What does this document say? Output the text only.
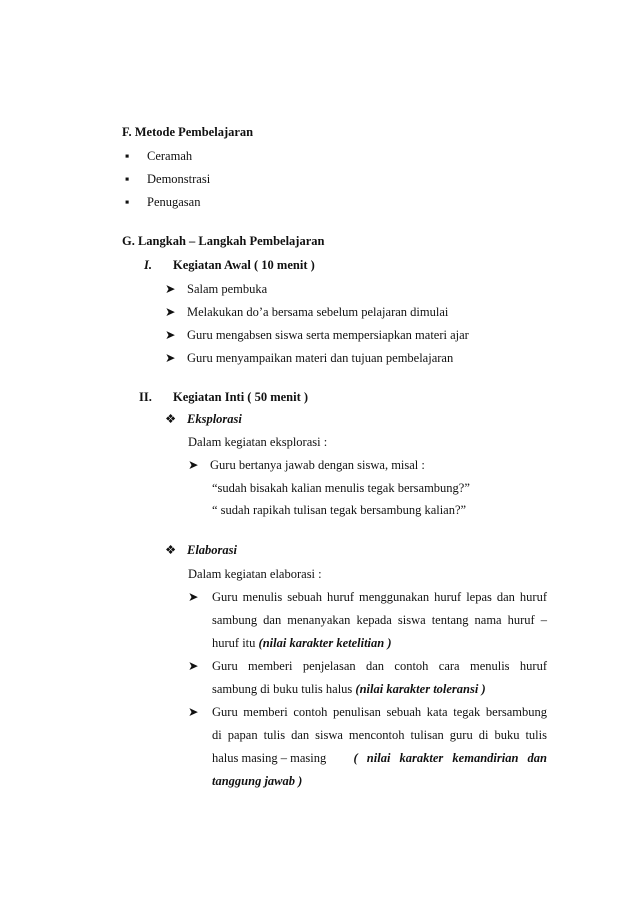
F. Metode Pembelajaran
▪ Ceramah
▪ Demonstrasi
▪ Penugasan
G. Langkah – Langkah Pembelajaran
I. Kegiatan Awal ( 10 menit )
➤ Salam pembuka
➤ Melakukan do’a bersama sebelum pelajaran dimulai
➤ Guru mengabsen siswa serta mempersiapkan materi ajar
➤ Guru menyampaikan materi dan tujuan pembelajaran
II. Kegiatan Inti ( 50 menit )
❖ Eksplorasi
Dalam kegiatan eksplorasi :
➤ Guru bertanya jawab dengan siswa, misal :
“sudah bisakah kalian menulis tegak bersambung?”
“ sudah rapikah tulisan tegak bersambung kalian?”
❖ Elaborasi
Dalam kegiatan elaborasi :
➤	Guru menulis sebuah huruf menggunakan huruf lepas dan huruf
sambung dan menanyakan kepada siswa tentang nama huruf –
huruf itu (nilai karakter ketelitian )
➤	Guru memberi penjelasan dan contoh cara menulis huruf
sambung di buku tulis halus (nilai karakter toleransi )
➤	Guru memberi contoh penulisan sebuah kata tegak bersambung
di papan tulis dan siswa mencontoh tulisan guru di buku tulis
halus masing – masing ( nilai karakter kemandirian dan
tanggung jawab )
